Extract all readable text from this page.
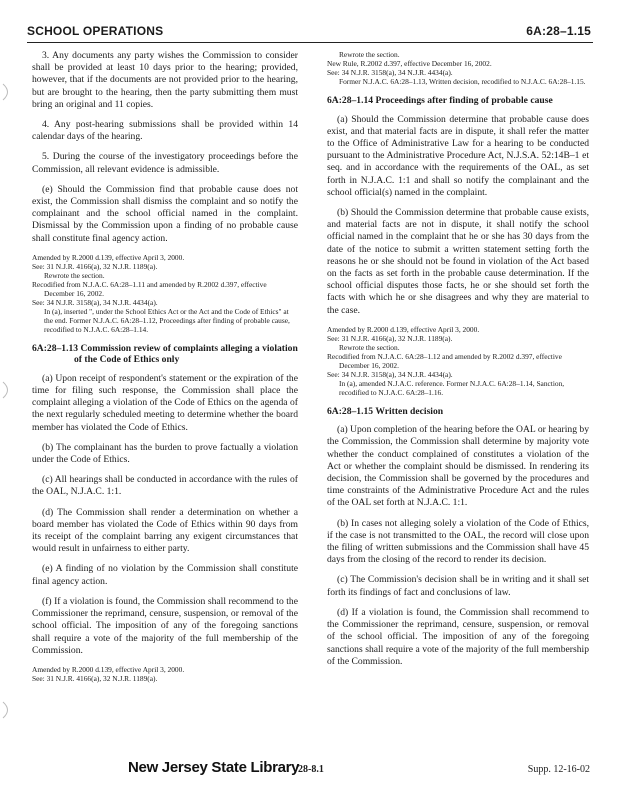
SCHOOL OPERATIONS	6A:28–1.15

3. Any documents any party wishes the Commission to consider shall be provided at least 10 days prior to the hearing; provided, however, that if the documents are not provided prior to the hearing, but are brought to the hearing, then the party submitting them must bring an original and 11 copies.

4. Any post-hearing submissions shall be provided within 14 calendar days of the hearing.

5. During the course of the investigatory proceedings before the Commission, all relevant evidence is admissible.

(e) Should the Commission find that probable cause does not exist, the Commission shall dismiss the complaint and so notify the complainant and the school official named in the complaint. Dismissal by the Commission upon a finding of no probable cause shall constitute final agency action.

Amended by R.2000 d.139, effective April 3, 2000.
See: 31 N.J.R. 4166(a), 32 N.J.R. 1189(a).
Rewrote the section.
Recodified from N.J.A.C. 6A:28–1.11 and amended by R.2002 d.397, effective December 16, 2002.
See: 34 N.J.R. 3158(a), 34 N.J.R. 4434(a).
In (a), inserted ", under the School Ethics Act or the Act and the Code of Ethics" at the end. Former N.J.A.C. 6A:28–1.12, Proceedings after finding of probable cause, recodified to N.J.A.C. 6A:28–1.14.
6A:28–1.13 Commission review of complaints alleging a violation of the Code of Ethics only

(a) Upon receipt of respondent's statement or the expiration of the time for filing such response, the Commission shall place the complaint alleging a violation of the Code of Ethics on the agenda of the next regularly scheduled meeting to determine whether the board member has violated the Code of Ethics.

(b) The complainant has the burden to prove factually a violation under the Code of Ethics.

(c) All hearings shall be conducted in accordance with the rules of the OAL, N.J.A.C. 1:1.

(d) The Commission shall render a determination on whether a board member has violated the Code of Ethics within 90 days from its receipt of the complaint barring any exigent circumstances that would result in unfairness to either party.

(e) A finding of no violation by the Commission shall constitute final agency action.

(f) If a violation is found, the Commission shall recommend to the Commissioner the reprimand, censure, suspension, or removal of the school official. The imposition of any of the foregoing sanctions shall require a vote of the majority of the full membership of the Commission.

Amended by R.2000 d.139, effective April 3, 2000.
See: 31 N.J.R. 4166(a), 32 N.J.R. 1189(a).
Rewrote the section.
New Rule, R.2002 d.397, effective December 16, 2002.
See: 34 N.J.R. 3158(a), 34 N.J.R. 4434(a).
Former N.J.A.C. 6A:28–1.13, Written decision, recodified to N.J.A.C. 6A:28–1.15.
6A:28–1.14 Proceedings after finding of probable cause

(a) Should the Commission determine that probable cause does exist, and that material facts are in dispute, it shall refer the matter to the Office of Administrative Law for a hearing to be conducted pursuant to the Administrative Procedure Act, N.J.S.A. 52:14B–1 et seq. and in accordance with the requirements of the OAL, as set forth in N.J.A.C. 1:1 and shall so notify the complainant and the school official(s) named in the complaint.

(b) Should the Commission determine that probable cause exists, and material facts are not in dispute, it shall notify the school official named in the complaint that he or she has 30 days from the date of the notice to submit a written statement setting forth the reasons he or she should not be found in violation of the Act based on the facts as set forth in the probable cause determination. If the school official disputes those facts, he or she should set forth the facts with which he or she disagrees and why they are material to the case.

Amended by R.2000 d.139, effective April 3, 2000.
See: 31 N.J.R. 4166(a), 32 N.J.R. 1189(a).
Rewrote the section.
Recodified from N.J.A.C. 6A:28–1.12 and amended by R.2002 d.397, effective December 16, 2002.
See: 34 N.J.R. 3158(a), 34 N.J.R. 4434(a).
In (a), amended N.J.A.C. reference. Former N.J.A.C. 6A:28–1.14, Sanction, recodified to N.J.A.C. 6A:28–1.16.
6A:28–1.15 Written decision

(a) Upon completion of the hearing before the OAL or hearing by the Commission, the Commission shall determine by majority vote whether the conduct complained of constitutes a violation of the Act or whether the complaint should be dismissed. In rendering its decision, the Commission shall be governed by the procedures and time constraints of the Administrative Procedure Act and the rules of the OAL set forth at N.J.A.C. 1:1.

(b) In cases not alleging solely a violation of the Code of Ethics, if the case is not transmitted to the OAL, the record will close upon the filing of written submissions and the Commission shall have 45 days from the closing of the record to render its decision.

(c) The Commission's decision shall be in writing and it shall set forth its findings of fact and conclusions of law.

(d) If a violation is found, the Commission shall recommend to the Commissioner the reprimand, censure, suspension, or removal of the school official. The imposition of any of the foregoing sanctions shall require a vote of the majority of the full membership of the Commission.

New Jersey State Library
28-8.1	Supp. 12-16-02
